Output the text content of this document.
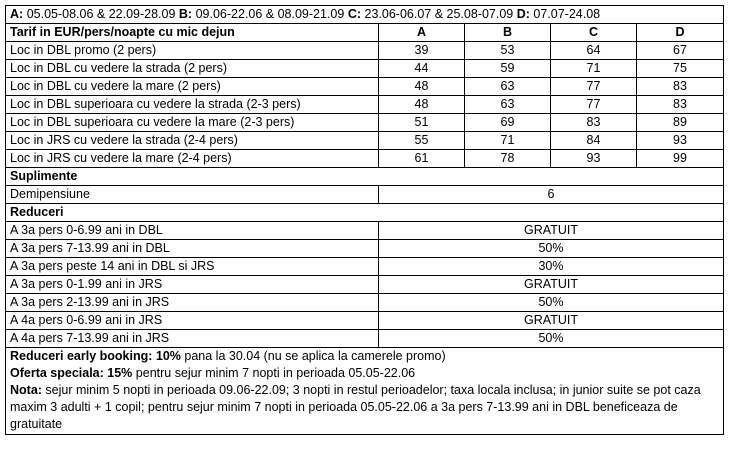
A: 05.05-08.06 & 22.09-28.09 B: 09.06-22.06 & 08.09-21.09 C: 23.06-06.07 & 25.08-07.09 D: 07.07-24.08				
Tarif in EUR/pers/noapte cu mic dejun	A	B	C	D
Loc in DBL promo (2 pers)	39	53	64	67
Loc in DBL cu vedere la strada (2 pers)	44	59	71	75
Loc in DBL cu vedere la mare (2 pers)	48	63	77	83
Loc in DBL superioara cu vedere la strada (2-3 pers)	48	63	77	83
Loc in DBL superioara cu vedere la mare (2-3 pers)	51	69	83	89
Loc in JRS cu vedere la strada (2-4 pers)	55	71	84	93
Loc in JRS cu vedere la mare (2-4 pers)	61	78	93	99
Suplimente				
Demipensiune	6			
Reduceri				
A 3a pers 0-6.99 ani in DBL	GRATUIT			
A 3a pers 7-13.99 ani in DBL	50%			
A 3a pers peste 14 ani in DBL si JRS	30%			
A 3a pers 0-1.99 ani in JRS	GRATUIT			
A 3a pers 2-13.99 ani in JRS	50%			
A 4a pers 0-6.99 ani in JRS	GRATUIT			
A 4a pers 7-13.99 ani in JRS	50%			

Reduceri early booking: 10% pana la 30.04 (nu se aplica la camerele promo)
Oferta speciala: 15% pentru sejur minim 7 nopti in perioada 05.05-22.06
Nota: sejur minim 5 nopti in perioada 09.06-22.09; 3 nopti in restul perioadelor; taxa locala inclusa; in junior suite se pot caza maxim 3 adulti + 1 copil; pentru sejur minim 7 nopti in perioada 05.05-22.06 a 3a pers 7-13.99 ani in DBL beneficeaza de gratuitate				
